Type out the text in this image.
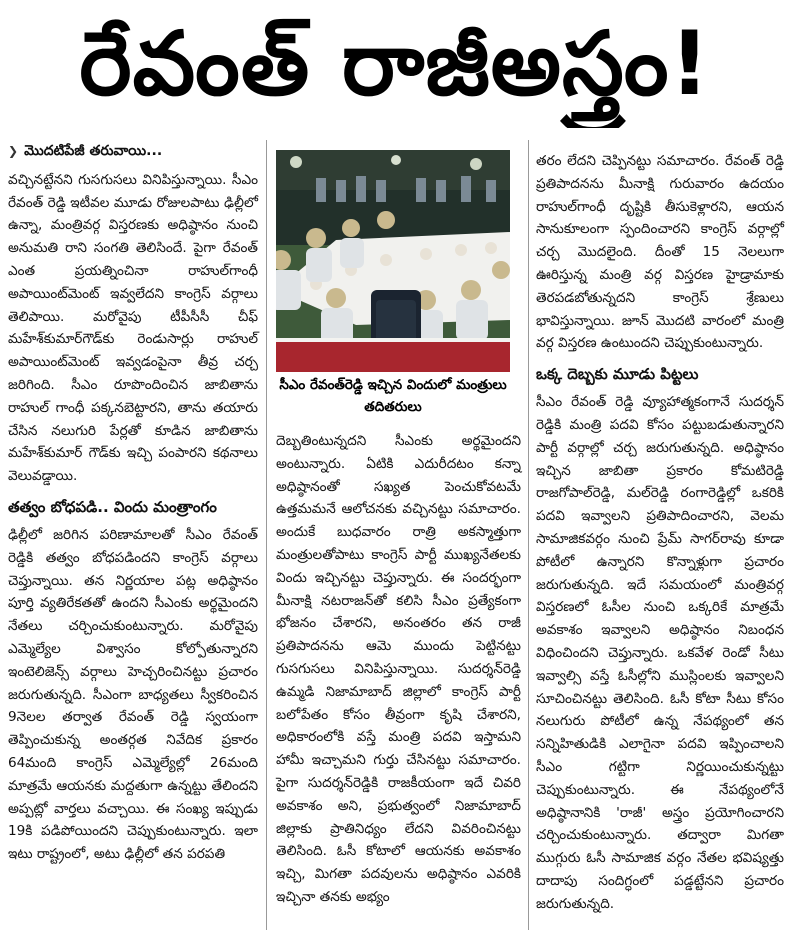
రేవంత్ రాజీఅస్త్రం!
❯ మొదటిపేజీ తరువాయి...

వచ్చినట్టేనని గుసగుసలు వినిపిస్తున్నాయి. సీఎం రేవంత్ రెడ్డి ఇటీవల మూడు రోజులపాటు ఢిల్లీలో ఉన్నా, మంత్రివర్గ విస్తరణకు అధిష్ఠానం నుంచి అనుమతి రాని సంగతి తెలిసిందే. పైగా రేవంత్ ఎంత ప్రయత్నించినా రాహుల్‌గాంధీ అపాయింట్‌మెంట్ ఇవ్వలేదని కాంగ్రెస్ వర్గాలు తెలిపాయి. మరోవైపు టీపీసీసీ చీఫ్ మహేశ్‌కుమార్‌గౌడ్‌కు రెండుసార్లు రాహుల్ అపాయింట్‌మెంట్ ఇవ్వడంపైనా తీవ్ర చర్చ జరిగింది. సీఎం రూపొందించిన జాబితాను రాహుల్ గాంధీ పక్కనబెట్టారని, తాను తయారు చేసిన నలుగురి పేర్లతో కూడిన జాబితాను మహేశ్‌కుమార్ గౌడ్‌కు ఇచ్చి పంపారని కథనాలు వెలువడ్డాయి.

తత్వం బోధపడి.. విందు మంత్రాంగం

ఢిల్లీలో జరిగిన పరిణామాలతో సీఎం రేవంత్ రెడ్డికి తత్వం బోధపడిందని కాంగ్రెస్ వర్గాలు చెప్తున్నాయి. తన నిర్ణయాల పట్ల అధిష్ఠానం పూర్తి వ్యతిరేకతతో ఉందని సీఎంకు అర్థమైందని నేతలు చర్చించుకుంటున్నారు. మరోవైపు ఎమ్మెల్యేల విశ్వాసం కోల్పోతున్నారని ఇంటెలిజెన్స్ వర్గాలు హెచ్చరించినట్టు ప్రచారం జరుగుతున్నది. సీఎంగా బాధ్యతలు స్వీకరించిన 9నెలల తర్వాత రేవంత్ రెడ్డి స్వయంగా తెప్పించుకున్న అంతర్గత నివేదిక ప్రకారం 64మంది కాంగ్రెస్ ఎమ్మెల్యేల్లో 26మంది మాత్రమే ఆయనకు మద్దతుగా ఉన్నట్టు తేలిందని అప్పట్లో వార్తలు వచ్చాయి. ఈ సంఖ్య ఇప్పుడు 19కి పడిపోయిందని చెప్పుకుంటున్నారు. ఇలా ఇటు రాష్ట్రంలో, అటు ఢిల్లీలో తన పరపతి

సీఎం రేవంత్‌రెడ్డి ఇచ్చిన విందులో మంత్రులు తదితరులు

దెబ్బతింటున్నదని సీఎంకు అర్థమైందని అంటున్నారు. ఏటికి ఎదురీదటం కన్నా అధిష్ఠానంతో సఖ్యత పెంచుకోవటమే ఉత్తమమనే ఆలోచనకు వచ్చినట్టు సమాచారం. అందుకే బుధవారం రాత్రి అకస్మాత్తుగా మంత్రులతోపాటు కాంగ్రెస్ పార్టీ ముఖ్యనేతలకు విందు ఇచ్చినట్టు చెప్తున్నారు. ఈ సందర్భంగా మీనాక్షి నటరాజన్‌తో కలిసి సీఎం ప్రత్యేకంగా భోజనం చేశారని, అనంతరం తన రాజీ ప్రతిపాదనను ఆమె ముందు పెట్టినట్టు గుసగుసలు వినిపిస్తున్నాయి. సుదర్శన్‌రెడ్డి ఉమ్మడి నిజామాబాద్ జిల్లాలో కాంగ్రెస్ పార్టీ బలోపేతం కోసం తీవ్రంగా కృషి చేశారని, అధికారంలోకి వస్తే మంత్రి పదవి ఇస్తామని హామీ ఇచ్చామని గుర్తు చేసినట్టు సమాచారం. పైగా సుదర్శన్‌రెడ్డికి రాజకీయంగా ఇదే చివరి అవకాశం అని, ప్రభుత్వంలో నిజామాబాద్ జిల్లాకు ప్రాతినిధ్యం లేదని వివరించినట్టు తెలిసింది. ఓసీ కోటాలో ఆయనకు అవకాశం ఇచ్చి, మిగతా పదవులను అధిష్ఠానం ఎవరికి ఇచ్చినా తనకు అభ్యం

తరం లేదని చెప్పినట్టు సమాచారం. రేవంత్ రెడ్డి ప్రతిపాదనను మీనాక్షి గురువారం ఉదయం రాహుల్‌గాంధీ దృష్టికి తీసుకెళ్లారని, ఆయన సానుకూలంగా స్పందించారని కాంగ్రెస్ వర్గాల్లో చర్చ మొదలైంది. దీంతో 15 నెలలుగా ఊరిస్తున్న మంత్రి వర్గ విస్తరణ హైడ్రామాకు తెరపడబోతున్నదని కాంగ్రెస్ శ్రేణులు భావిస్తున్నాయి. జూన్ మొదటి వారంలో మంత్రి వర్గ విస్తరణ ఉంటుందని చెప్పుకుంటున్నారు.

ఒక్క దెబ్బకు మూడు పిట్టలు

సీఎం రేవంత్ రెడ్డి వ్యూహాత్మకంగానే సుదర్శన్ రెడ్డికి మంత్రి పదవి కోసం పట్టుబడుతున్నారని పార్టీ వర్గాల్లో చర్చ జరుగుతున్నది. అధిష్ఠానం ఇచ్చిన జాబితా ప్రకారం కోమటిరెడ్డి రాజగోపాల్‌రెడ్డి, మల్‌రెడ్డి రంగారెడ్డిల్లో ఒకరికి పదవి ఇవ్వాలని ప్రతిపాదించారని, వెలమ సామాజికవర్గం నుంచి ప్రేమ్ సాగర్‌రావు కూడా పోటీలో ఉన్నారని కొన్నాళ్లుగా ప్రచారం జరుగుతున్నది. ఇదే సమయంలో మంత్రివర్గ విస్తరణలో ఓసీల నుంచి ఒక్కరికే మాత్రమే అవకాశం ఇవ్వాలని అధిష్ఠానం నిబంధన విధించిందని చెప్తున్నారు. ఒకవేళ రెండో సీటు ఇవ్వాల్సి వస్తే ఓసీల్లోని ముస్లింలకు ఇవ్వాలని సూచించినట్టు తెలిసింది. ఓసీ కోటా సీటు కోసం నలుగురు పోటీలో ఉన్న నేపథ్యంలో తన సన్నిహితుడికి ఎలాగైనా పదవి ఇప్పించాలని సీఎం గట్టిగా నిర్ణయించుకున్నట్టు చెప్పుకుంటున్నారు. ఈ నేపథ్యంలోనే అధిష్ఠానానికి 'రాజీ' అస్త్రం ప్రయోగించారని చర్చించుకుంటున్నారు. తద్వారా మిగతా ముగ్గురు ఓసీ సామాజిక వర్గం నేతల భవిష్యత్తు దాదాపు సందిగ్ధంలో పడ్డట్టేనని ప్రచారం జరుగుతున్నది.
